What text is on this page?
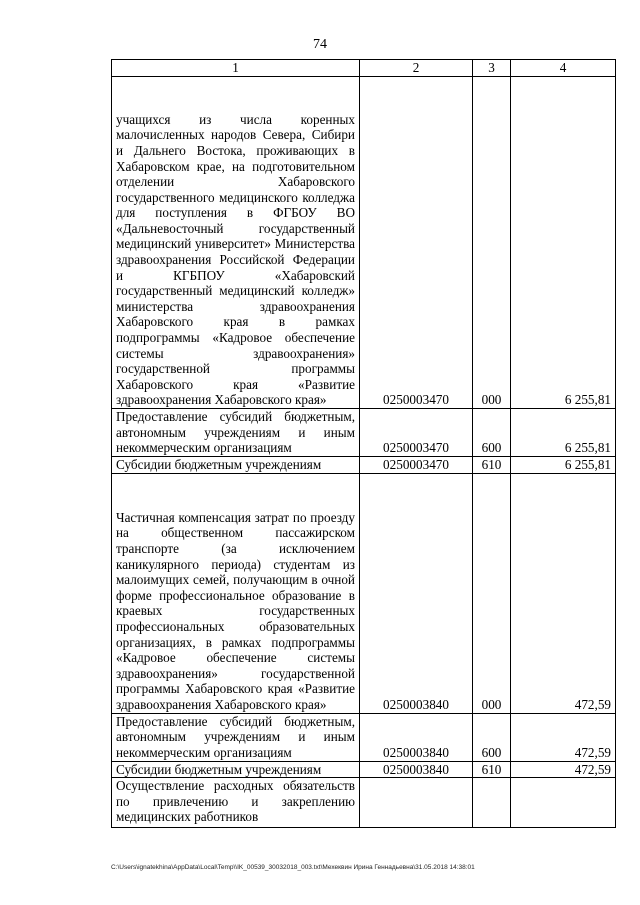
74
1	2	3	4
учащихся из числа коренных малочисленных народов Севера, Сибири и Дальнего Востока, проживающих в Хабаровском крае, на подготовительном отделении Хабаровского государственного медицинского колледжа для поступления в ФГБОУ ВО «Дальневосточный государственный медицинский университет» Министерства здравоохранения Российской Федерации и КГБПОУ «Хабаровский государственный медицинский колледж» министерства здравоохранения Хабаровского края в рамках подпрограммы «Кадровое обеспечение системы здравоохранения» государственной программы Хабаровского края «Развитие здравоохранения Хабаровского края»	0250003470	000	6 255,81
Предоставление субсидий бюджетным, автономным учреждениям и иным некоммерческим организациям	0250003470	600	6 255,81
Субсидии бюджетным учреждениям	0250003470	610	6 255,81
Частичная компенсация затрат по проезду на общественном пассажирском транспорте (за исключением каникулярного периода) студентам из малоимущих семей, получающим в очной форме профессиональное образование в краевых государственных профессиональных образовательных организациях, в рамках подпрограммы «Кадровое обеспечение системы здравоохранения» государственной программы Хабаровского края «Развитие здравоохранения Хабаровского края»	0250003840	000	472,59
Предоставление субсидий бюджетным, автономным учреждениям и иным некоммерческим организациям	0250003840	600	472,59
Субсидии бюджетным учреждениям	0250003840	610	472,59
Осуществление расходных обязательств по привлечению и закреплению медицинских работников			
C:\Users\ignatekhina\AppData\Local\Temp\\IK_00539_30032018_003.txt\Мехеквин Ирина Геннадьевна\31.05.2018 14:38:01
